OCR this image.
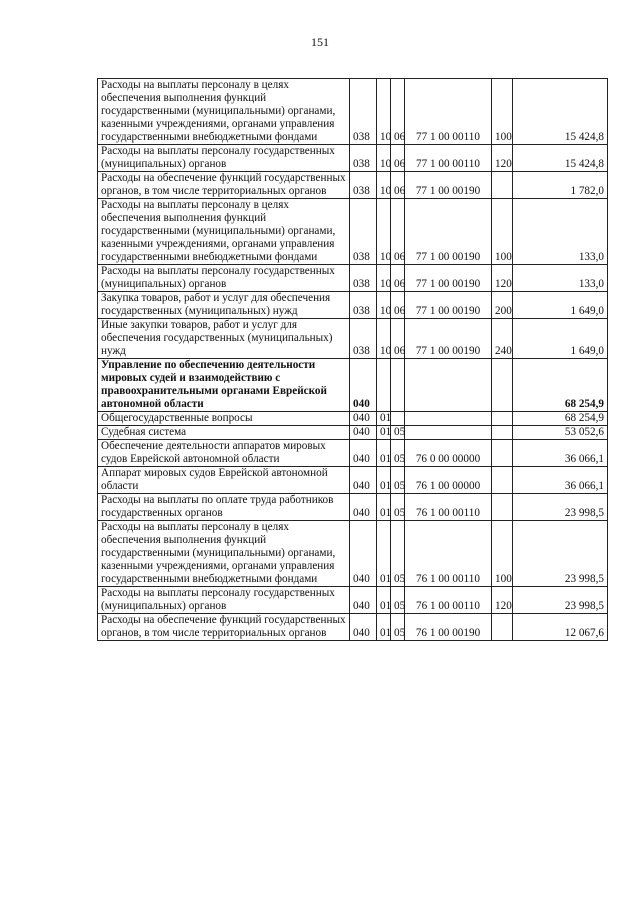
151
Расходы на выплаты персоналу в целях обеспечения выполнения функций государственными (муниципальными) органами, казенными учреждениями, органами управления государственными внебюджетными фондами	038	10	06	77 1 00 00110	100	15 424,8
Расходы на выплаты персоналу государственных (муниципальных) органов	038	10	06	77 1 00 00110	120	15 424,8
Расходы на обеспечение функций государственных органов, в том числе территориальных органов	038	10	06	77 1 00 00190		1 782,0
Расходы на выплаты персоналу в целях обеспечения выполнения функций государственными (муниципальными) органами, казенными учреждениями, органами управления государственными внебюджетными фондами	038	10	06	77 1 00 00190	100	133,0
Расходы на выплаты персоналу государственных (муниципальных) органов	038	10	06	77 1 00 00190	120	133,0
Закупка товаров, работ и услуг для обеспечения государственных (муниципальных) нужд	038	10	06	77 1 00 00190	200	1 649,0
Иные закупки товаров, работ и услуг для обеспечения государственных (муниципальных) нужд	038	10	06	77 1 00 00190	240	1 649,0
Управление по обеспечению деятельности мировых судей и взаимодействию с правоохранительными органами Еврейской автономной области	040					68 254,9
Общегосударственные вопросы	040	01				68 254,9
Судебная система	040	01	05			53 052,6
Обеспечение деятельности аппаратов мировых судов Еврейской автономной области	040	01	05	76 0 00 00000		36 066,1
Аппарат мировых судов Еврейской автономной области	040	01	05	76 1 00 00000		36 066,1
Расходы на выплаты по оплате труда работников государственных органов	040	01	05	76 1 00 00110		23 998,5
Расходы на выплаты персоналу в целях обеспечения выполнения функций государственными (муниципальными) органами, казенными учреждениями, органами управления государственными внебюджетными фондами	040	01	05	76 1 00 00110	100	23 998,5
Расходы на выплаты персоналу государственных (муниципальных) органов	040	01	05	76 1 00 00110	120	23 998,5
Расходы на обеспечение функций государственных органов, в том числе территориальных органов	040	01	05	76 1 00 00190		12 067,6
